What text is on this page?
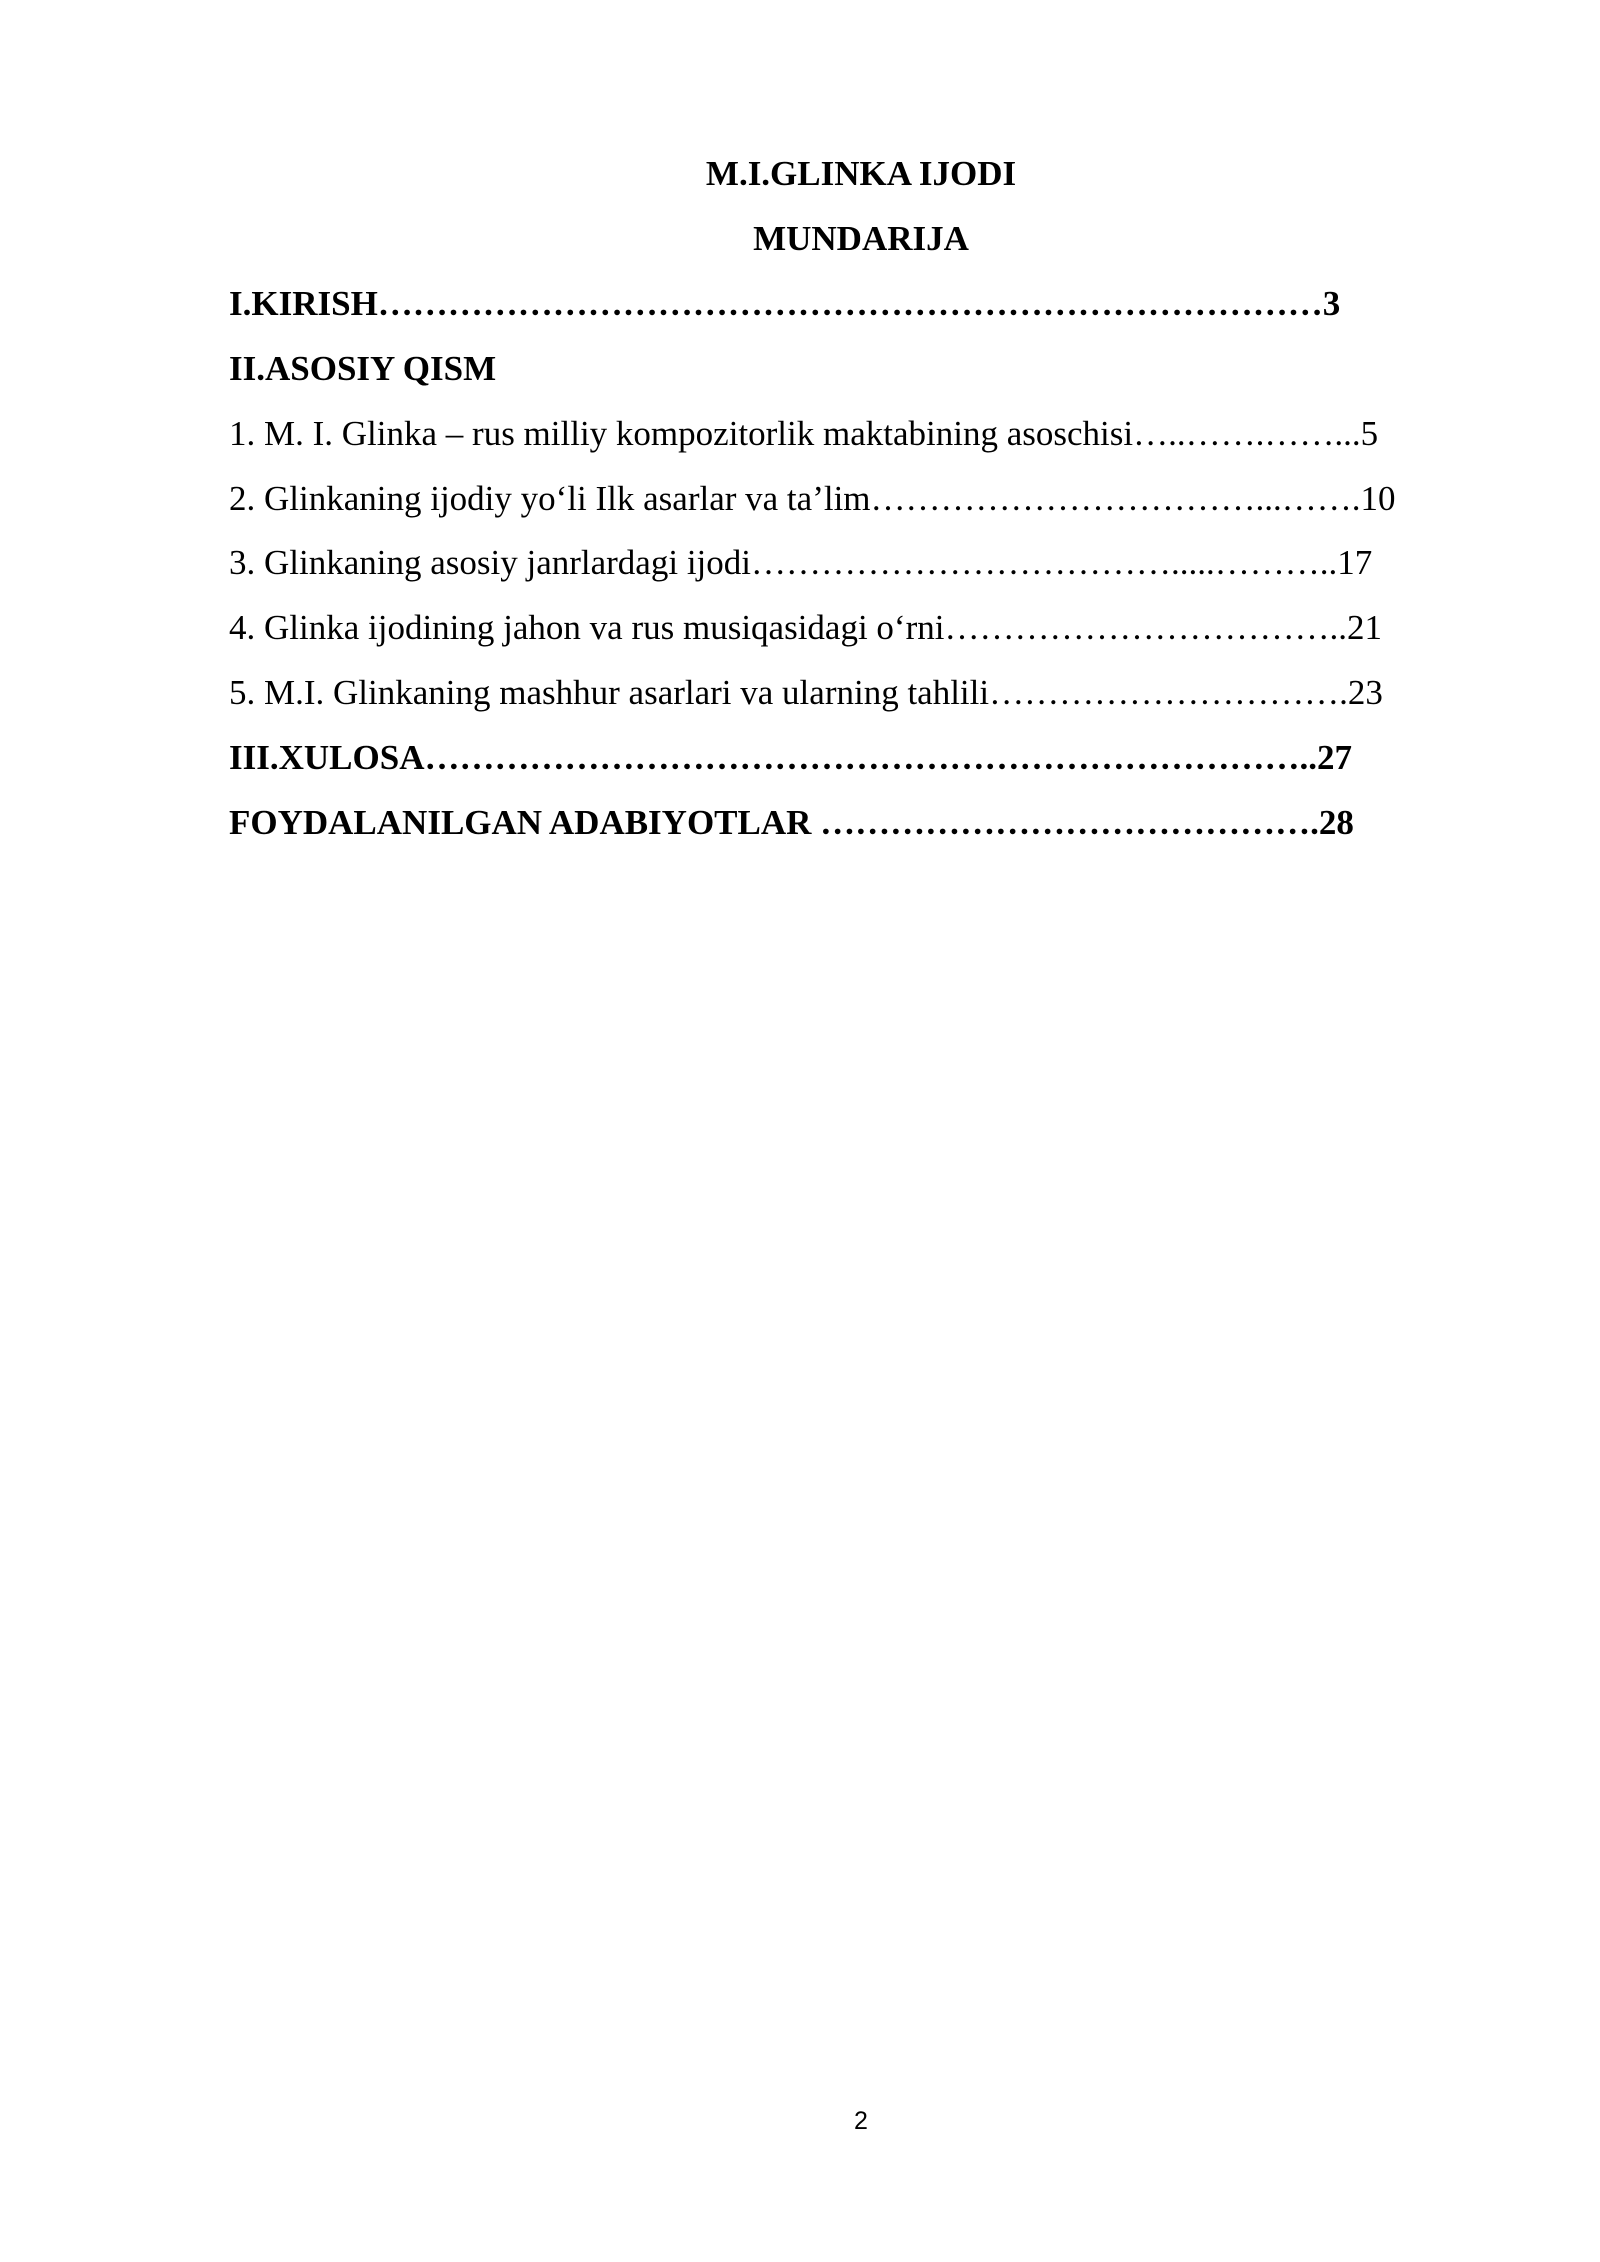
M.I.GLINKA IJODI
MUNDARIJA
I.KIRISH………………………………………………………………………3
II.ASOSIY QISM
1. M. I. Glinka – rus milliy kompozitorlik maktabining asoschisi…..…….……...5
2. Glinkaning ijodiy yo‘li Ilk asarlar va ta’lim……………………………...…….10
3. Glinkaning asosiy janrlardagi ijodi……………………………….....………..17
4. Glinka ijodining jahon va rus musiqasidagi o‘rni……………………………..21
5. M.I. Glinkaning mashhur asarlari va ularning tahlili………………………….23
III.XULOSA…………………………………………………………………..27
FOYDALANILGAN ADABIYOTLAR …………………………………….28
2
